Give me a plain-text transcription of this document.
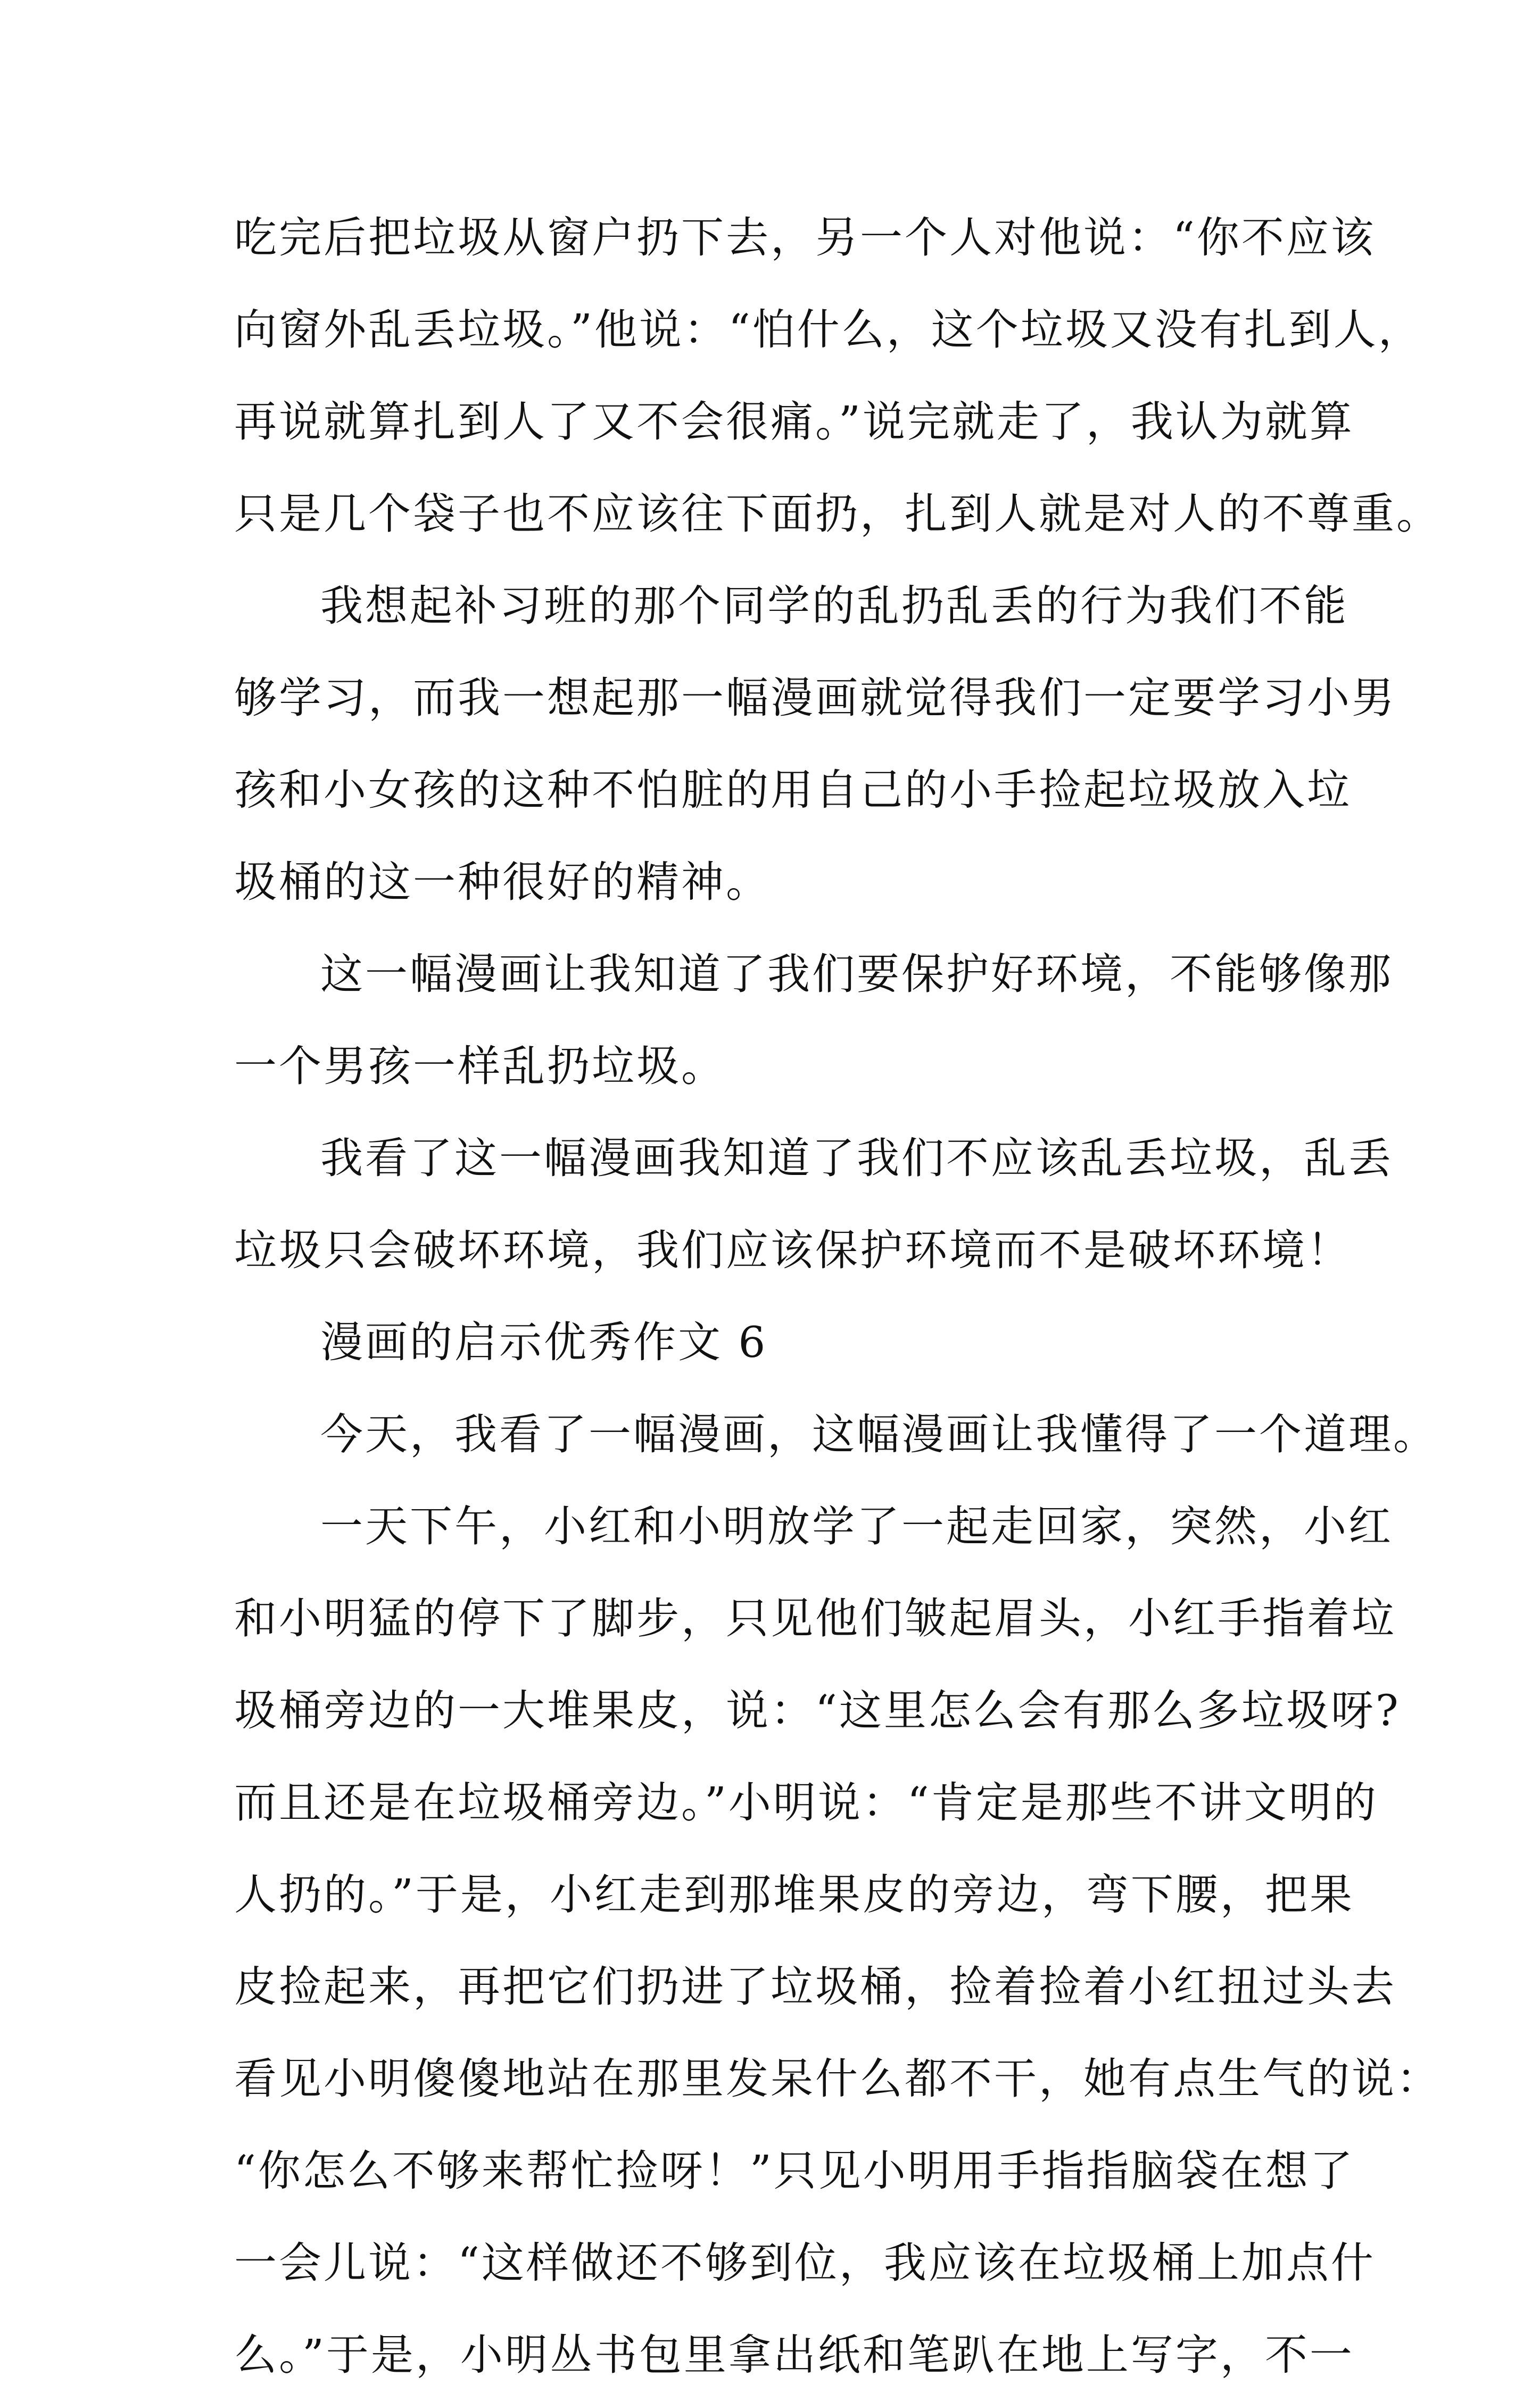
吃完后把垃圾从窗户扔下去，另一个人对他说：“你不应该
向窗外乱丢垃圾。”他说：“怕什么，这个垃圾又没有扎到人，
再说就算扎到人了又不会很痛。”说完就走了，我认为就算
只是几个袋子也不应该往下面扔，扎到人就是对人的不尊重。
我想起补习班的那个同学的乱扔乱丢的行为我们不能
够学习，而我一想起那一幅漫画就觉得我们一定要学习小男
孩和小女孩的这种不怕脏的用自己的小手捡起垃圾放入垃
圾桶的这一种很好的精神。
这一幅漫画让我知道了我们要保护好环境，不能够像那
一个男孩一样乱扔垃圾。
我看了这一幅漫画我知道了我们不应该乱丢垃圾，乱丢
垃圾只会破坏环境，我们应该保护环境而不是破坏环境！
漫画的启示优秀作文 6
今天，我看了一幅漫画，这幅漫画让我懂得了一个道理。
一天下午，小红和小明放学了一起走回家，突然，小红
和小明猛的停下了脚步，只见他们皱起眉头，小红手指着垃
圾桶旁边的一大堆果皮，说：“这里怎么会有那么多垃圾呀?
而且还是在垃圾桶旁边。”小明说：“肯定是那些不讲文明的
人扔的。”于是，小红走到那堆果皮的旁边，弯下腰，把果
皮捡起来，再把它们扔进了垃圾桶，捡着捡着小红扭过头去
看见小明傻傻地站在那里发呆什么都不干，她有点生气的说：
“你怎么不够来帮忙捡呀！”只见小明用手指指脑袋在想了
一会儿说：“这样做还不够到位，我应该在垃圾桶上加点什
么。”于是，小明丛书包里拿出纸和笔趴在地上写字，不一
